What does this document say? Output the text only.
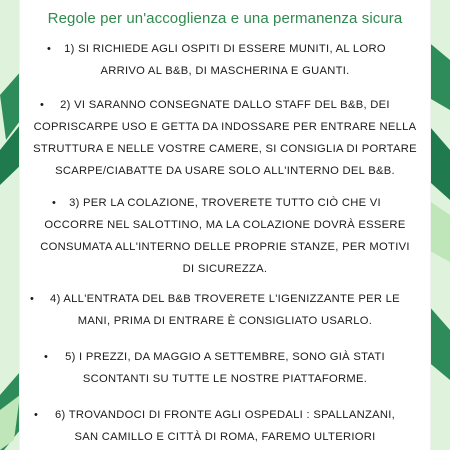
Regole per un'accoglienza e una permanenza sicura
•	1) SI RICHIEDE AGLI OSPITI DI ESSERE MUNITI, AL LORO
ARRIVO AL B&B, DI MASCHERINA E GUANTI.
•	2) VI SARANNO CONSEGNATE DALLO STAFF DEL B&B, DEI
COPRISCARPE USO E GETTA DA INDOSSARE PER ENTRARE NELLA
STRUTTURA E NELLE VOSTRE CAMERE, SI CONSIGLIA DI PORTARE
SCARPE/CIABATTE DA USARE SOLO ALL'INTERNO DEL B&B.
•	3) PER LA COLAZIONE, TROVERETE TUTTO CIÒ CHE VI
OCCORRE NEL SALOTTINO, MA LA COLAZIONE DOVRÀ ESSERE
CONSUMATA ALL'INTERNO DELLE PROPRIE STANZE, PER MOTIVI
DI SICUREZZA.
•	4) ALL'ENTRATA DEL B&B TROVERETE L'IGENIZZANTE PER LE
MANI, PRIMA DI ENTRARE È CONSIGLIATO USARLO.
•	5) I PREZZI, DA MAGGIO A SETTEMBRE, SONO GIÀ STATI
SCONTANTI SU TUTTE LE NOSTRE PIATTAFORME.
•	6) TROVANDOCI DI FRONTE AGLI OSPEDALI : SPALLANZANI,
SAN CAMILLO E CITTÀ DI ROMA, FAREMO ULTERIORI
